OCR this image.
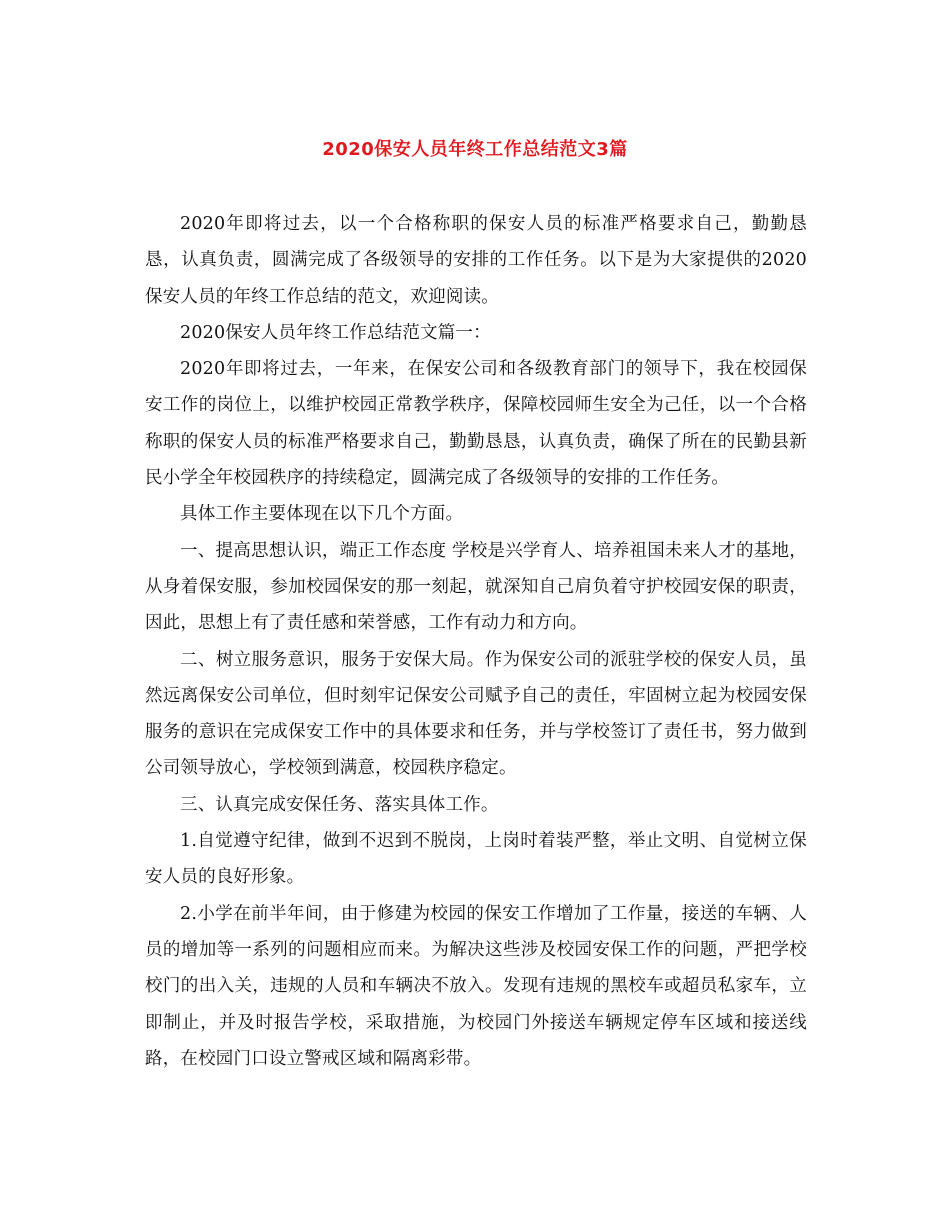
2020保安人员年终工作总结范文3篇

2020年即将过去，以一个合格称职的保安人员的标准严格要求自己，勤勤恳恳，认真负责，圆满完成了各级领导的安排的工作任务。以下是为大家提供的2020保安人员的年终工作总结的范文，欢迎阅读。

2020保安人员年终工作总结范文篇一：

2020年即将过去，一年来，在保安公司和各级教育部门的领导下，我在校园保安工作的岗位上，以维护校园正常教学秩序，保障校园师生安全为己任，以一个合格称职的保安人员的标准严格要求自己，勤勤恳恳，认真负责，确保了所在的民勤县新民小学全年校园秩序的持续稳定，圆满完成了各级领导的安排的工作任务。

具体工作主要体现在以下几个方面。

一、提高思想认识，端正工作态度 学校是兴学育人、培养祖国未来人才的基地，从身着保安服，参加校园保安的那一刻起，就深知自己肩负着守护校园安保的职责，因此，思想上有了责任感和荣誉感，工作有动力和方向。

二、树立服务意识，服务于安保大局。作为保安公司的派驻学校的保安人员，虽然远离保安公司单位，但时刻牢记保安公司赋予自己的责任，牢固树立起为校园安保服务的意识在完成保安工作中的具体要求和任务，并与学校签订了责任书，努力做到公司领导放心，学校领到满意，校园秩序稳定。

三、认真完成安保任务、落实具体工作。

1.自觉遵守纪律，做到不迟到不脱岗，上岗时着装严整，举止文明、自觉树立保安人员的良好形象。

2.小学在前半年间，由于修建为校园的保安工作增加了工作量，接送的车辆、人员的增加等一系列的问题相应而来。为解决这些涉及校园安保工作的问题，严把学校校门的出入关，违规的人员和车辆决不放入。发现有违规的黑校车或超员私家车，立即制止，并及时报告学校，采取措施，为校园门外接送车辆规定停车区域和接送线路，在校园门口设立警戒区域和隔离彩带。
